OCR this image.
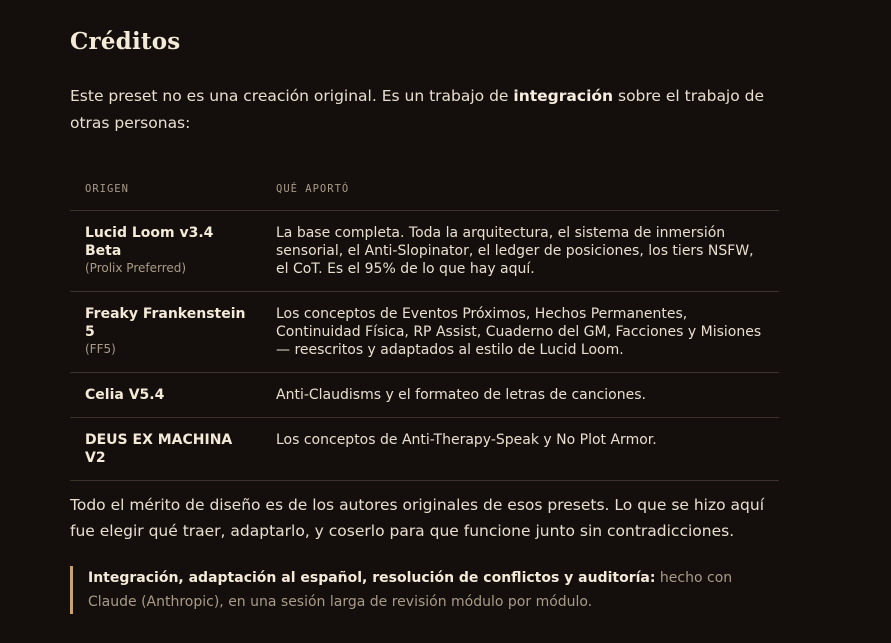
Créditos

Este preset no es una creación original. Es un trabajo de integración sobre el trabajo de otras personas:

ORIGEN	QUÉ APORTÓ

Lucid Loom v3.4 Beta
(Prolix Preferred)	La base completa. Toda la arquitectura, el sistema de inmersión sensorial, el Anti-Slopinator, el ledger de posiciones, los tiers NSFW, el CoT. Es el 95% de lo que hay aquí.

Freaky Frankenstein 5
(FF5)	Los conceptos de Eventos Próximos, Hechos Permanentes, Continuidad Física, RP Assist, Cuaderno del GM, Facciones y Misiones — reescritos y adaptados al estilo de Lucid Loom.

Celia V5.4	Anti-Claudisms y el formateo de letras de canciones.

DEUS EX MACHINA V2	Los conceptos de Anti-Therapy-Speak y No Plot Armor.

Todo el mérito de diseño es de los autores originales de esos presets. Lo que se hizo aquí fue elegir qué traer, adaptarlo, y coserlo para que funcione junto sin contradicciones.

Integración, adaptación al español, resolución de conflictos y auditoría: hecho con Claude (Anthropic), en una sesión larga de revisión módulo por módulo.
